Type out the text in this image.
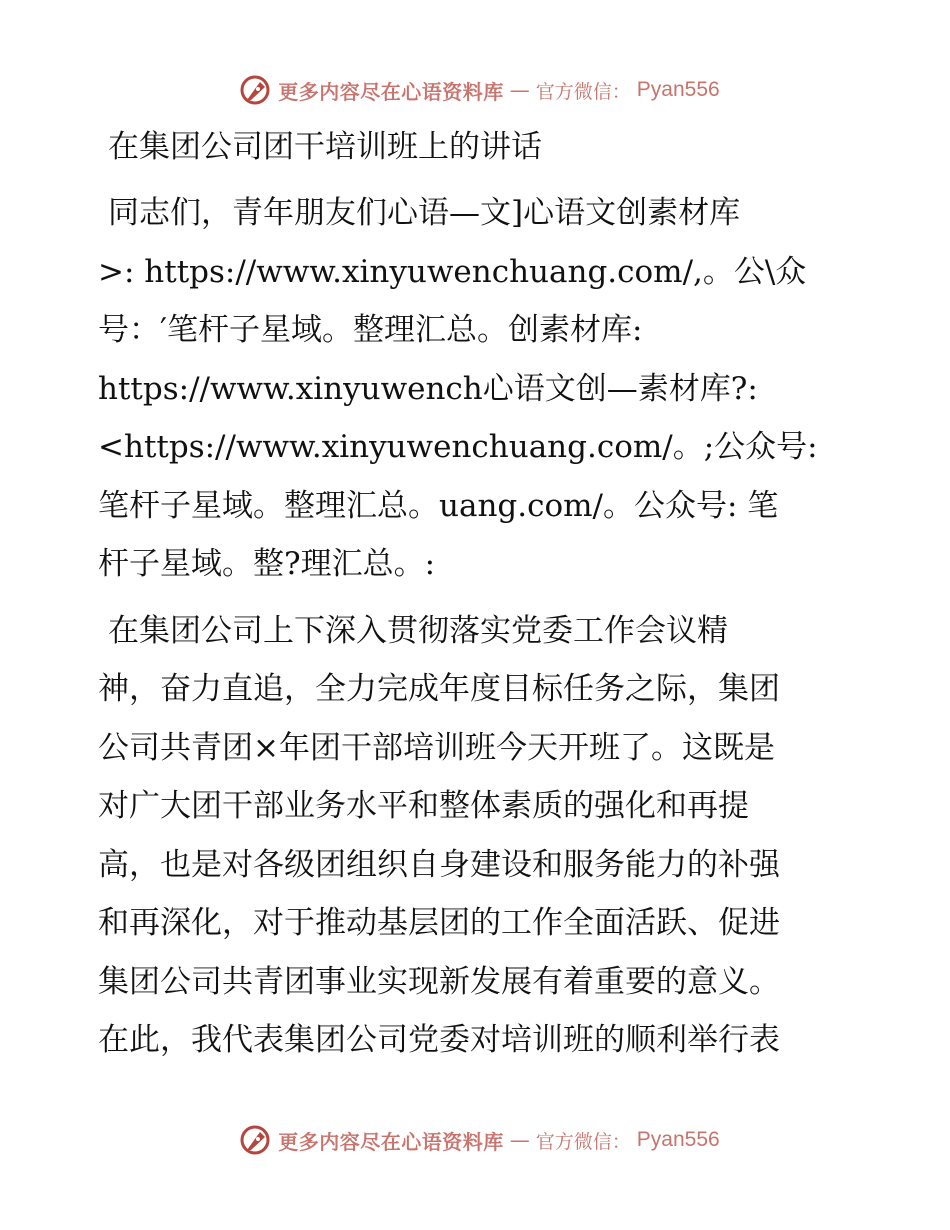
更多内容尽在心语资料库 — 官方微信： Pyan556
在集团公司团干培训班上的讲话
同志们，青年朋友们心语—文]心语文创素材库
>: https://www.xinyuwenchuang.com/,。公\众
号：′笔杆子星域。整理汇总。创素材库:
https://www.xinyuwench心语文创—素材库?:
<https://www.xinyuwenchuang.com/。;公众号:
笔杆子星域。整理汇总。uang.com/。公众号: 笔
杆子星域。整?理汇总。:
在集团公司上下深入贯彻落实党委工作会议精
神，奋力直追，全力完成年度目标任务之际，集团
公司共青团×年团干部培训班今天开班了。这既是
对广大团干部业务水平和整体素质的强化和再提
高，也是对各级团组织自身建设和服务能力的补强
和再深化，对于推动基层团的工作全面活跃、促进
集团公司共青团事业实现新发展有着重要的意义。
在此，我代表集团公司党委对培训班的顺利举行表
更多内容尽在心语资料库 — 官方微信： Pyan556
